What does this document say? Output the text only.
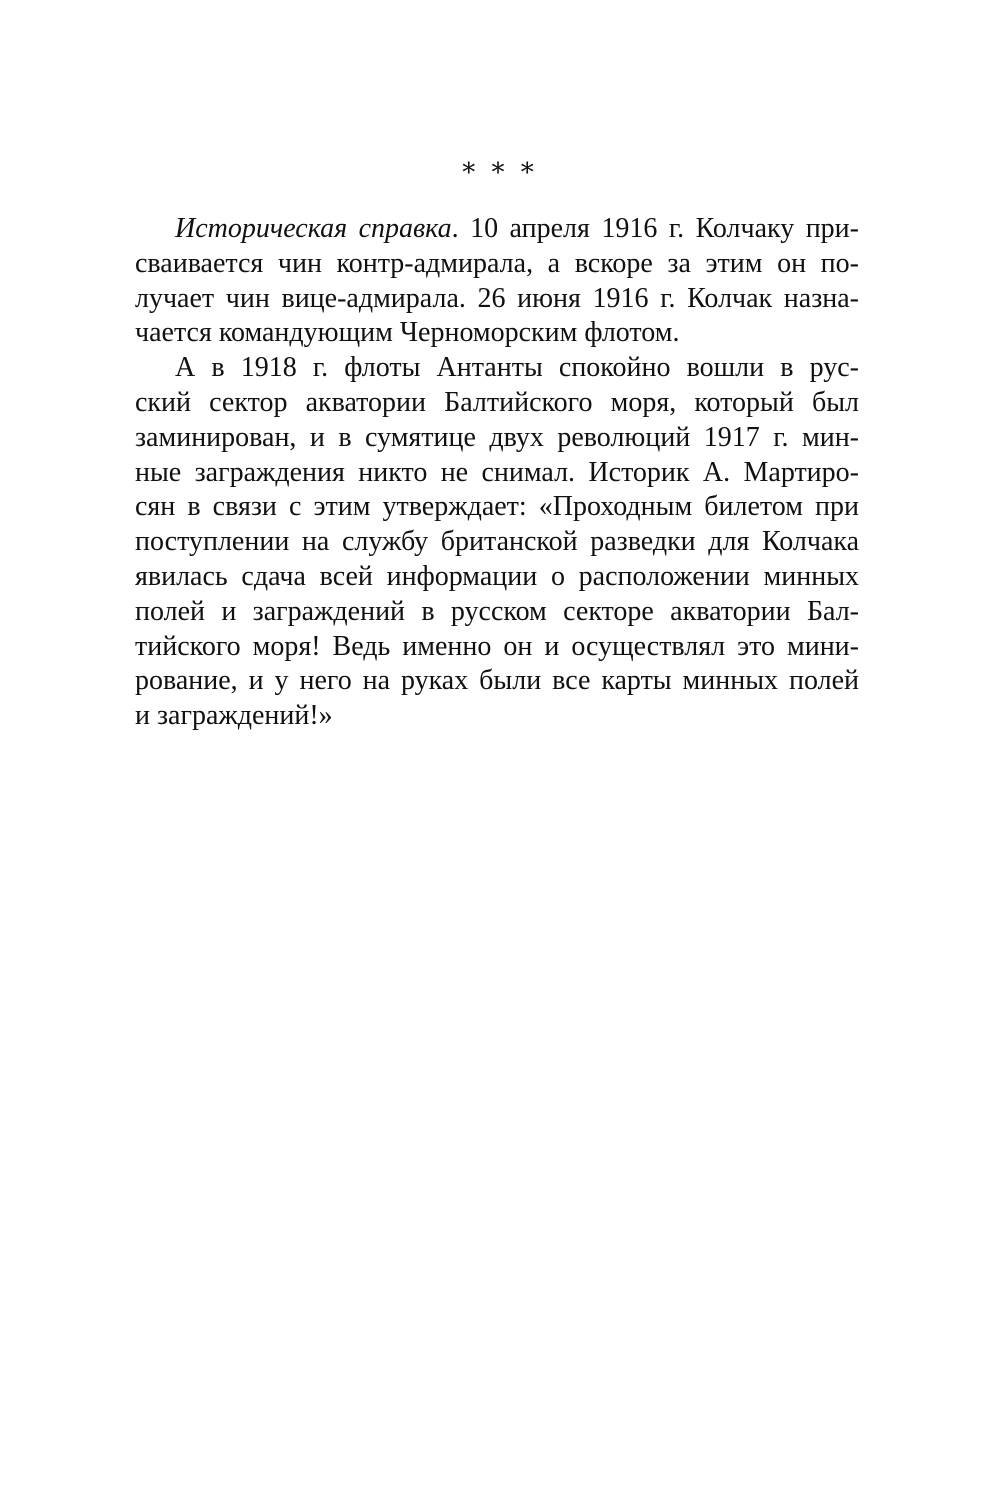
* * *
Историческая справка. 10 апреля 1916 г. Колчаку при-
сваивается чин контр-адмирала, а вскоре за этим он по-
лучает чин вице-адмирала. 26 июня 1916 г. Колчак назна-
чается командующим Черноморским флотом.
А в 1918 г. флоты Антанты спокойно вошли в рус-
ский сектор акватории Балтийского моря, который был
заминирован, и в сумятице двух революций 1917 г. мин-
ные заграждения никто не снимал. Историк А. Мартиро-
сян в связи с этим утверждает: «Проходным билетом при
поступлении на службу британской разведки для Колчака
явилась сдача всей информации о расположении минных
полей и заграждений в русском секторе акватории Бал-
тийского моря! Ведь именно он и осуществлял это мини-
рование, и у него на руках были все карты минных полей
и заграждений!»
